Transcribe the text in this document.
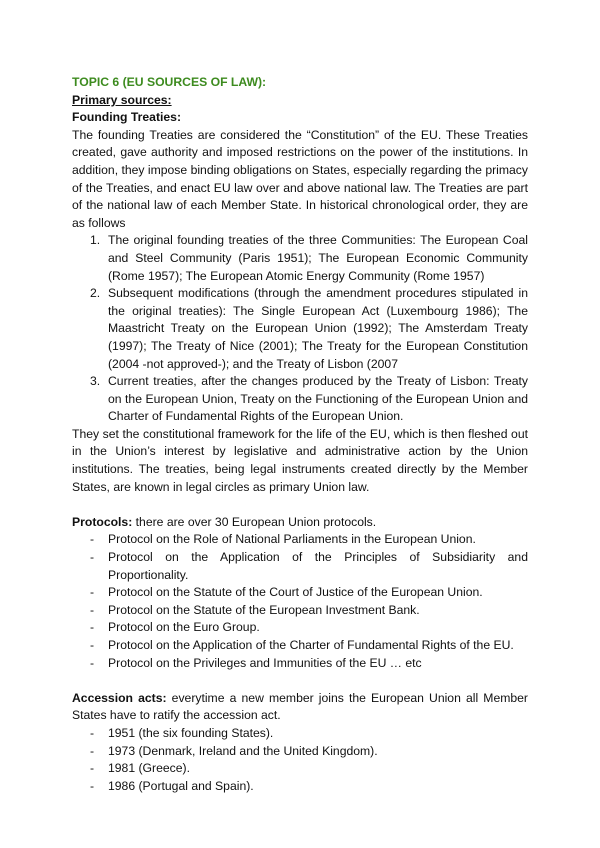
TOPIC 6 (EU SOURCES OF LAW):
Primary sources:
Founding Treaties:

The founding Treaties are considered the “Constitution” of the EU. These Treaties created, gave authority and imposed restrictions on the power of the institutions. In addition, they impose binding obligations on States, especially regarding the primacy of the Treaties, and enact EU law over and above national law. The Treaties are part of the national law of each Member State. In historical chronological order, they are as follows

1. The original founding treaties of the three Communities: The European Coal and Steel Community (Paris 1951); The European Economic Community (Rome 1957); The European Atomic Energy Community (Rome 1957)
2. Subsequent modifications (through the amendment procedures stipulated in the original treaties): The Single European Act (Luxembourg 1986); The Maastricht Treaty on the European Union (1992); The Amsterdam Treaty (1997); The Treaty of Nice (2001); The Treaty for the European Constitution (2004 -not approved-); and the Treaty of Lisbon (2007
3. Current treaties, after the changes produced by the Treaty of Lisbon: Treaty on the European Union, Treaty on the Functioning of the European Union and Charter of Fundamental Rights of the European Union.

They set the constitutional framework for the life of the EU, which is then fleshed out in the Union’s interest by legislative and administrative action by the Union institutions. The treaties, being legal instruments created directly by the Member States, are known in legal circles as primary Union law.

Protocols: there are over 30 European Union protocols.

- Protocol on the Role of National Parliaments in the European Union.
- Protocol on the Application of the Principles of Subsidiarity and Proportionality.
- Protocol on the Statute of the Court of Justice of the European Union.
- Protocol on the Statute of the European Investment Bank.
- Protocol on the Euro Group.
- Protocol on the Application of the Charter of Fundamental Rights of the EU.
- Protocol on the Privileges and Immunities of the EU … etc

Accession acts: everytime a new member joins the European Union all Member States have to ratify the accession act.

- 1951 (the six founding States).
- 1973 (Denmark, Ireland and the United Kingdom).
- 1981 (Greece).
- 1986 (Portugal and Spain).
